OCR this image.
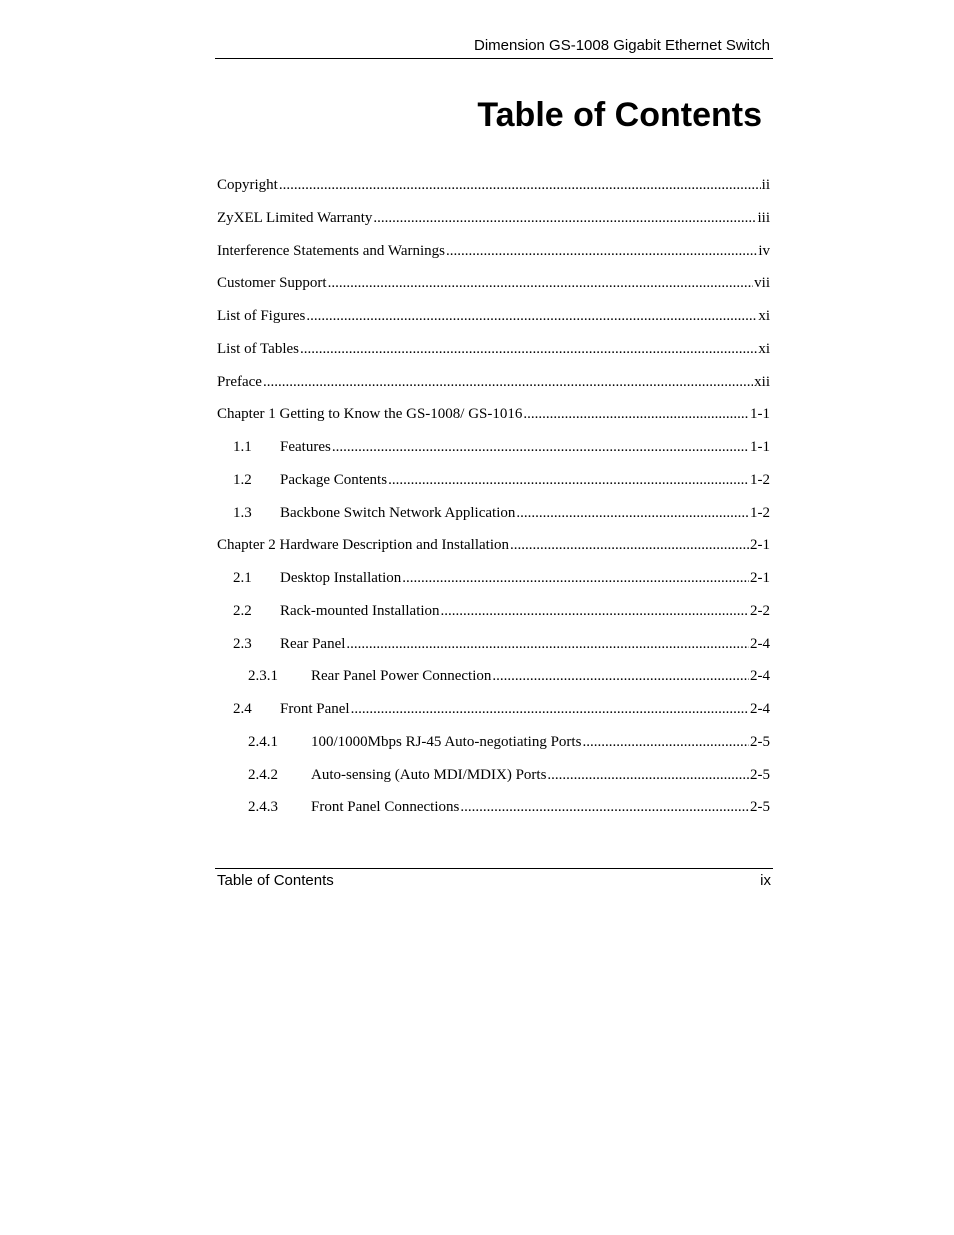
Dimension GS-1008 Gigabit Ethernet Switch
Table of Contents
Copyright .....	ii
ZyXEL Limited Warranty .....	iii
Interference Statements and Warnings .....	iv
Customer Support .....	vii
List of Figures .....	xi
List of Tables .....	xi
Preface .....	xii
Chapter 1 Getting to Know the GS-1008/ GS-1016 .....	1-1
1.1	Features .....	1-1
1.2	Package Contents .....	1-2
1.3	Backbone Switch Network Application .....	1-2
Chapter 2 Hardware Description and Installation .....	2-1
2.1	Desktop Installation .....	2-1
2.2	Rack-mounted Installation .....	2-2
2.3	Rear Panel .....	2-4
2.3.1	Rear Panel Power Connection .....	2-4
2.4	Front Panel .....	2-4
2.4.1	100/1000Mbps RJ-45 Auto-negotiating Ports .....	2-5
2.4.2	Auto-sensing (Auto MDI/MDIX) Ports .....	2-5
2.4.3	Front Panel Connections .....	2-5
Table of Contents	ix
